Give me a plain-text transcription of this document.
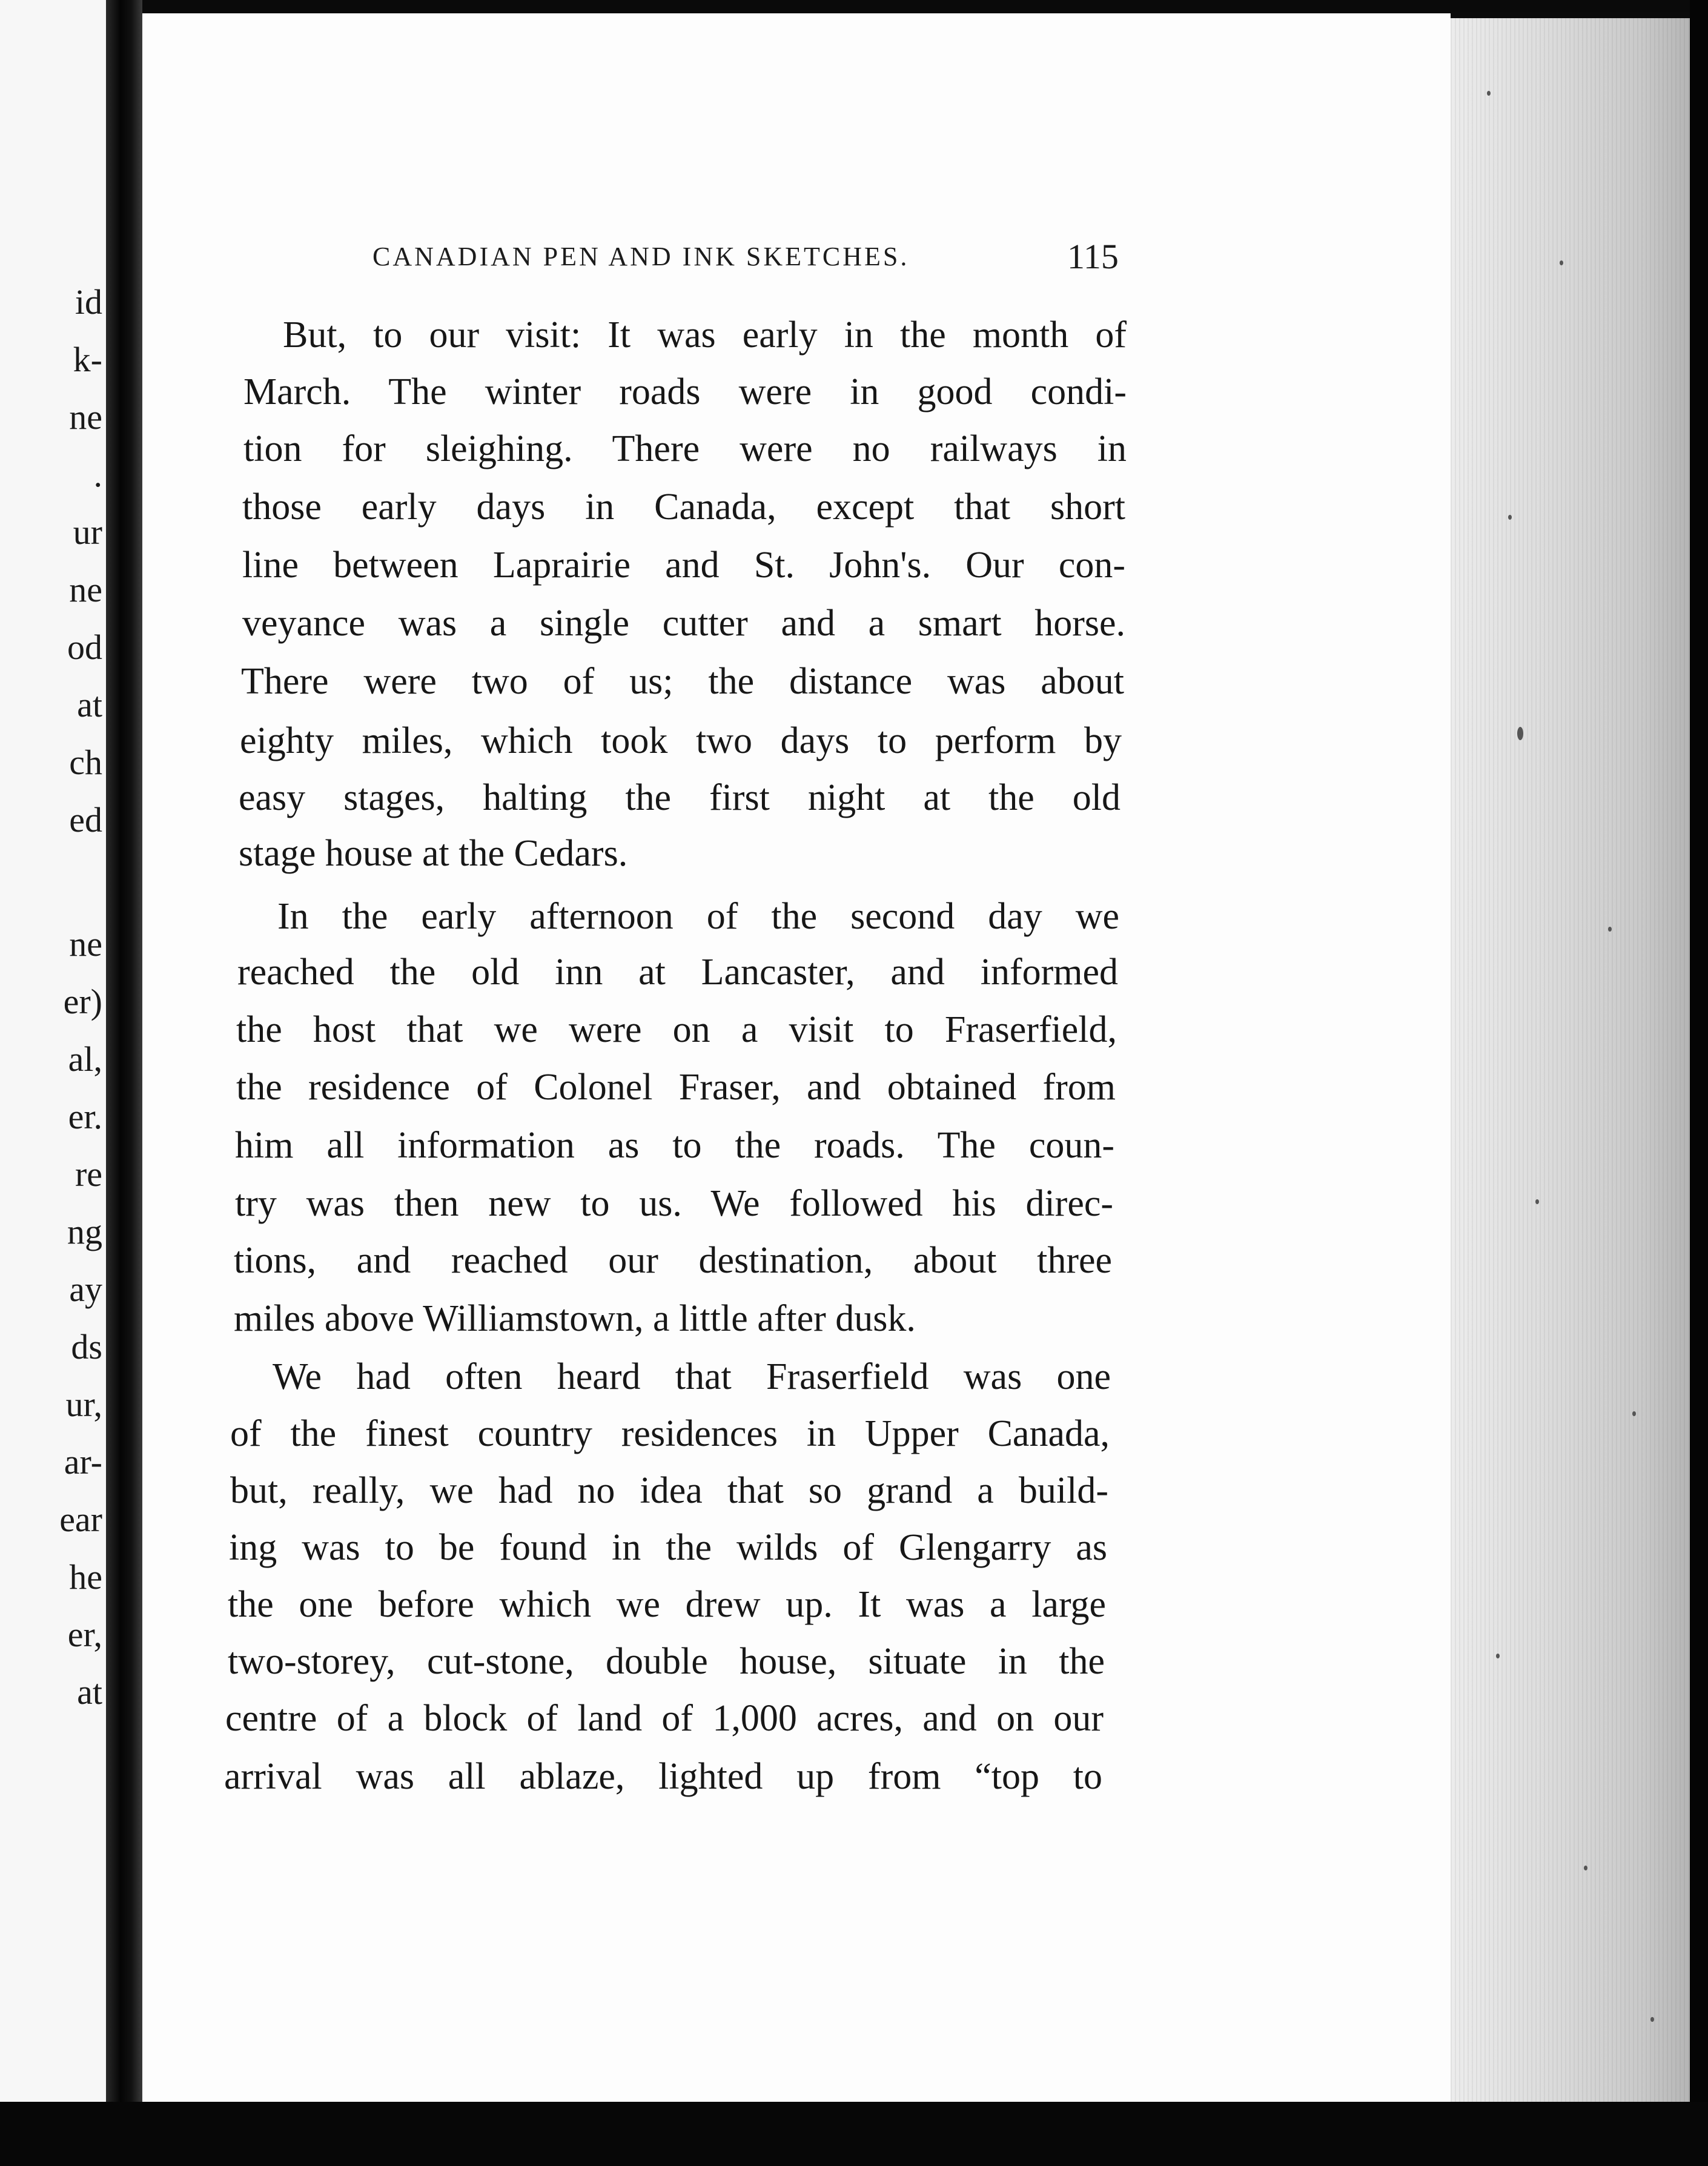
id
k-
ne
.
ur
ne
od
at
ch
ed
ne
er)
al,
er.
re
ng
ay
ds
ur,
ar-
ear
he
er,
at
CANADIAN PEN AND INK SKETCHES.	115
But, to our visit: It was early in the month of
March. The winter roads were in good condi-
tion for sleighing. There were no railways in
those early days in Canada, except that short
line between Laprairie and St. John's. Our con-
veyance was a single cutter and a smart horse.
There were two of us; the distance was about
eighty miles, which took two days to perform by
easy stages, halting the first night at the old
stage house at the Cedars.
In the early afternoon of the second day we
reached the old inn at Lancaster, and informed
the host that we were on a visit to Fraserfield,
the residence of Colonel Fraser, and obtained from
him all information as to the roads. The coun-
try was then new to us. We followed his direc-
tions, and reached our destination, about three
miles above Williamstown, a little after dusk.
We had often heard that Fraserfield was one
of the finest country residences in Upper Canada,
but, really, we had no idea that so grand a build-
ing was to be found in the wilds of Glengarry as
the one before which we drew up. It was a large
two-storey, cut-stone, double house, situate in the
centre of a block of land of 1,000 acres, and on our
arrival was all ablaze, lighted up from “top to
